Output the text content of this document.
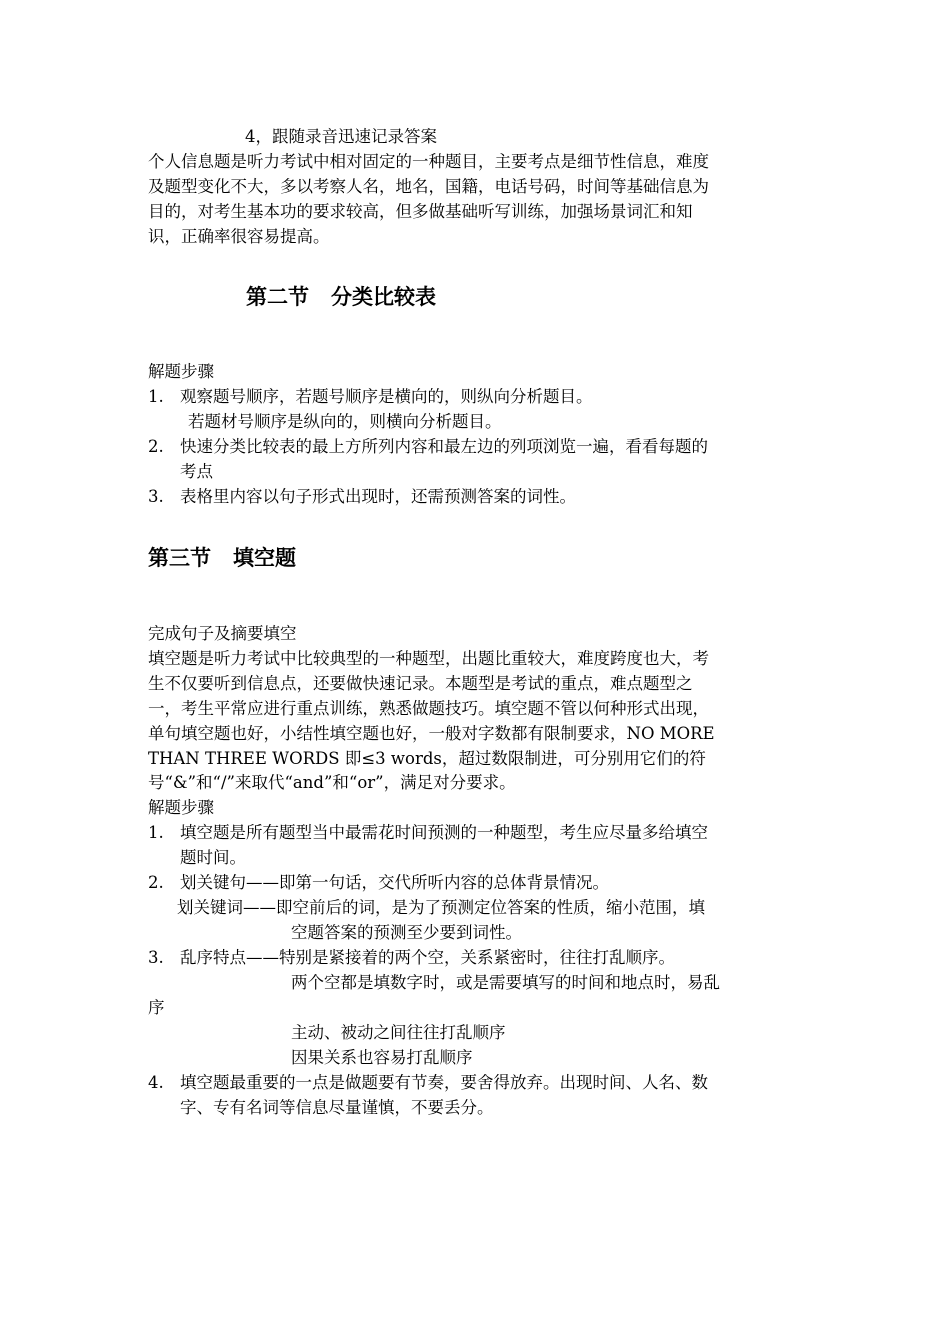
4，跟随录音迅速记录答案
个人信息题是听力考试中相对固定的一种题目，主要考点是细节性信息，难度
及题型变化不大，多以考察人名，地名，国籍，电话号码，时间等基础信息为
目的，对考生基本功的要求较高，但多做基础听写训练，加强场景词汇和知
识，正确率很容易提高。
第二节 分类比较表
解题步骤
1. 观察题号顺序，若题号顺序是横向的，则纵向分析题目。
若题材号顺序是纵向的，则横向分析题目。
2. 快速分类比较表的最上方所列内容和最左边的列项浏览一遍，看看每题的
考点
3. 表格里内容以句子形式出现时，还需预测答案的词性。
第三节 填空题
完成句子及摘要填空
填空题是听力考试中比较典型的一种题型，出题比重较大，难度跨度也大，考
生不仅要听到信息点，还要做快速记录。本题型是考试的重点，难点题型之
一，考生平常应进行重点训练，熟悉做题技巧。填空题不管以何种形式出现，
单句填空题也好，小结性填空题也好，一般对字数都有限制要求，NO MORE
THAN THREE WORDS 即≤3 words，超过数限制进，可分别用它们的符
号“&”和“/”来取代“and”和“or”，满足对分要求。
解题步骤
1. 填空题是所有题型当中最需花时间预测的一种题型，考生应尽量多给填空
题时间。
2. 划关键句——即第一句话，交代所听内容的总体背景情况。
划关键词——即空前后的词，是为了预测定位答案的性质，缩小范围，填
空题答案的预测至少要到词性。
3. 乱序特点——特别是紧接着的两个空，关系紧密时，往往打乱顺序。
两个空都是填数字时，或是需要填写的时间和地点时，易乱
序
主动、被动之间往往打乱顺序
因果关系也容易打乱顺序
4. 填空题最重要的一点是做题要有节奏，要舍得放弃。出现时间、人名、数
字、专有名词等信息尽量谨慎，不要丢分。
